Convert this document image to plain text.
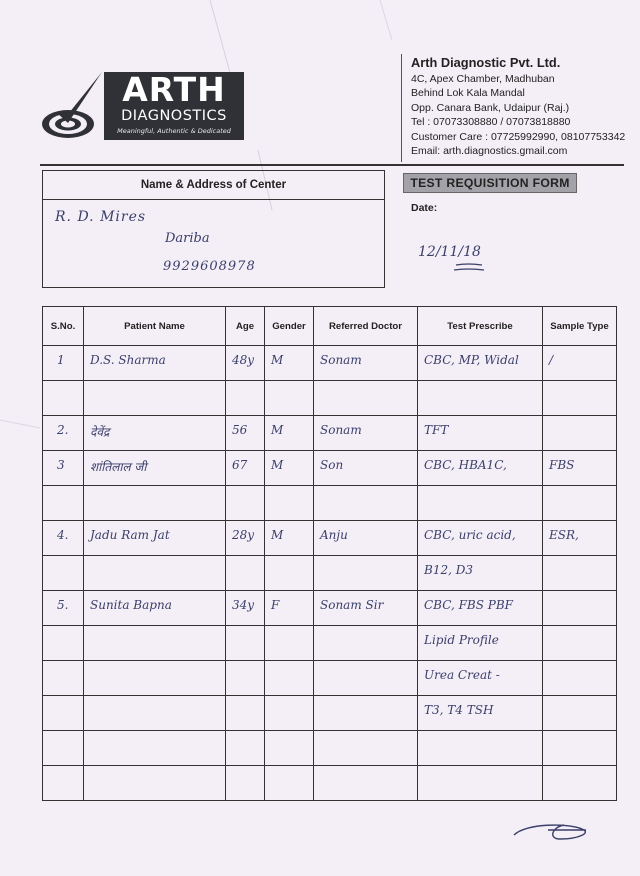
ARTH
DIAGNOSTICS
Meaningful, Authentic & Dedicated
Arth Diagnostic Pvt. Ltd.
4C, Apex Chamber, Madhuban
Behind Lok Kala Mandal
Opp. Canara Bank, Udaipur (Raj.)
Tel : 07073308880 / 07073818880
Customer Care : 07725992990, 08107753342
Email: arth.diagnostics.gmail.com
Name & Address of Center
R. D. Mires
Dariba
9929608978
TEST REQUISITION FORM
Date:
12/11/18
S.No.	Patient Name	Age	Gender	Referred Doctor	Test Prescribe	Sample Type

1	D.S. Sharma	48y	M	Sonam	CBC, MP, Widal	/

2.	देवेंद्र	56	M	Sonam	TFT	

3	शांतिलाल जी	67	M	Son	CBC, HBA1C,	FBS

4.	Jadu Ram Jat	28y	M	Anju	CBC, uric acid,	ESR,

					B12, D3	

5.	Sunita Bapna	34y	F	Sonam Sir	CBC, FBS PBF	

					Lipid Profile	

					Urea Creat -	

					T3, T4 TSH	
